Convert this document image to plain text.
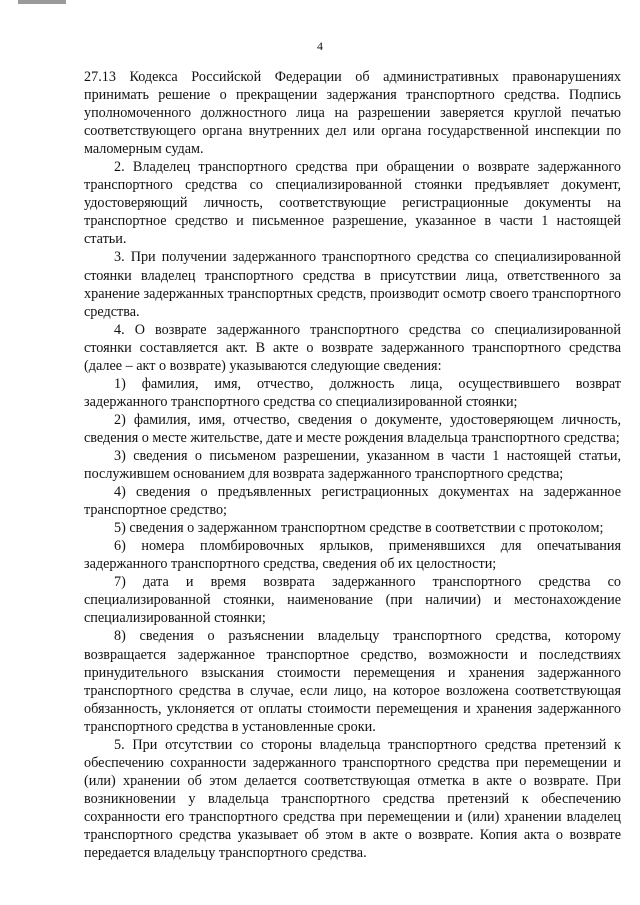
4

27.13 Кодекса Российской Федерации об административных правонарушениях принимать решение о прекращении задержания транспортного средства. Подпись уполномоченного должностного лица на разрешении заверяется круглой печатью соответствующего органа внутренних дел или органа государственной инспекции по маломерным судам.

2. Владелец транспортного средства при обращении о возврате задержанного транспортного средства со специализированной стоянки предъявляет документ, удостоверяющий личность, соответствующие регистрационные документы на транспортное средство и письменное разрешение, указанное в части 1 настоящей статьи.

3. При получении задержанного транспортного средства со специализированной стоянки владелец транспортного средства в присутствии лица, ответственного за хранение задержанных транспортных средств, производит осмотр своего транспортного средства.

4. О возврате задержанного транспортного средства со специализированной стоянки составляется акт. В акте о возврате задержанного транспортного средства (далее – акт о возврате) указываются следующие сведения:

1) фамилия, имя, отчество, должность лица, осуществившего возврат задержанного транспортного средства со специализированной стоянки;

2) фамилия, имя, отчество, сведения о документе, удостоверяющем личность, сведения о месте жительстве, дате и месте рождения владельца транспортного средства;

3) сведения о письменом разрешении, указанном в части 1 настоящей статьи, послужившем основанием для возврата задержанного транспортного средства;

4) сведения о предъявленных регистрационных документах на задержанное транспортное средство;

5) сведения о задержанном транспортном средстве в соответствии с протоколом;

6) номера пломбировочных ярлыков, применявшихся для опечатывания задержанного транспортного средства, сведения об их целостности;

7) дата и время возврата задержанного транспортного средства со специализированной стоянки, наименование (при наличии) и местонахождение специализированной стоянки;

8) сведения о разъяснении владельцу транспортного средства, которому возвращается задержанное транспортное средство, возможности и последствиях принудительного взыскания стоимости перемещения и хранения задержанного транспортного средства в случае, если лицо, на которое возложена соответствующая обязанность, уклоняется от оплаты стоимости перемещения и хранения задержанного транспортного средства в установленные сроки.

5. При отсутствии со стороны владельца транспортного средства претензий к обеспечению сохранности задержанного транспортного средства при перемещении и (или) хранении об этом делается соответствующая отметка в акте о возврате. При возникновении у владельца транспортного средства претензий к обеспечению сохранности его транспортного средства при перемещении и (или) хранении владелец транспортного средства указывает об этом в акте о возврате. Копия акта о возврате передается владельцу транспортного средства.
